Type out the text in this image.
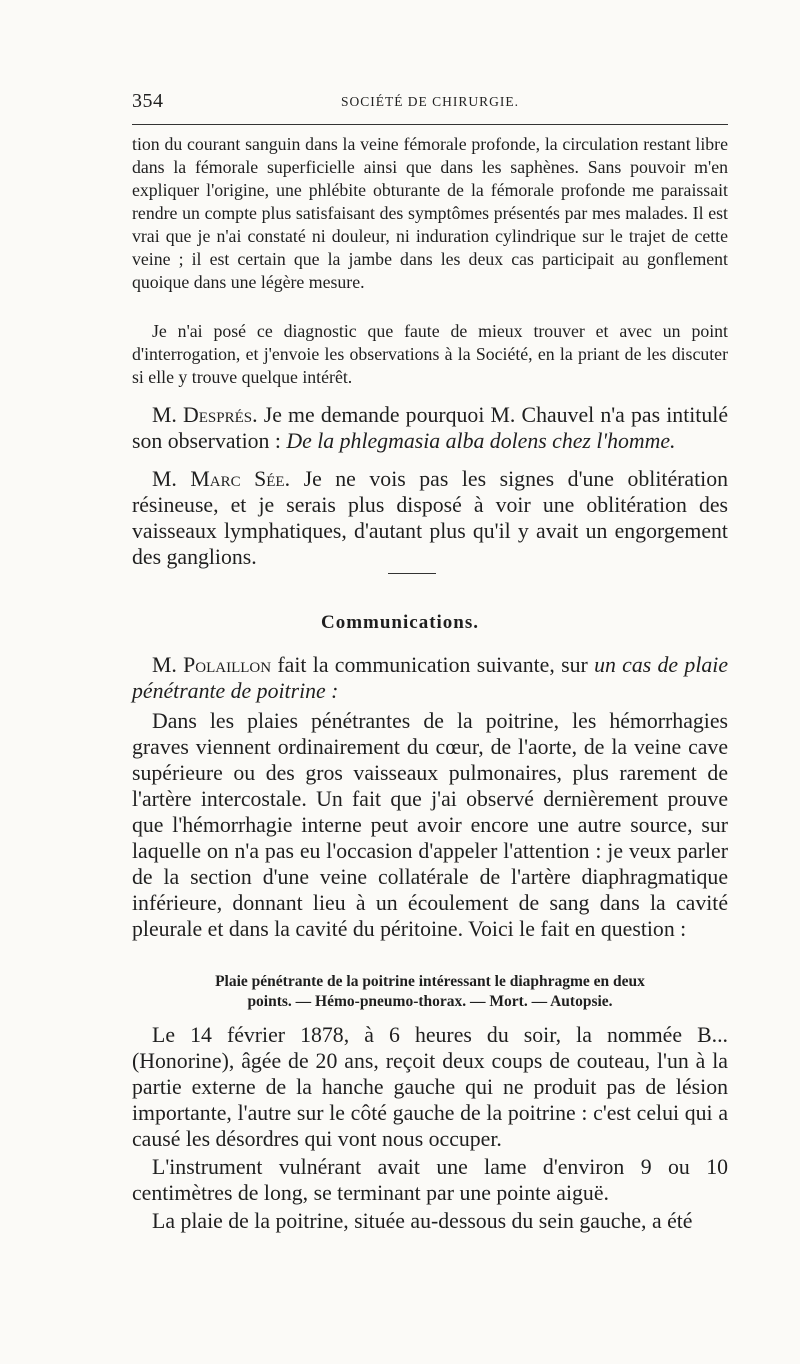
354	SOCIÉTÉ DE CHIRURGIE.

tion du courant sanguin dans la veine fémorale profonde, la circulation restant libre dans la fémorale superficielle ainsi que dans les saphènes. Sans pouvoir m'en expliquer l'origine, une phlébite obturante de la fémorale profonde me paraissait rendre un compte plus satisfaisant des symptômes présentés par mes malades. Il est vrai que je n'ai constaté ni douleur, ni induration cylindrique sur le trajet de cette veine ; il est certain que la jambe dans les deux cas participait au gonflement quoique dans une légère mesure.

Je n'ai posé ce diagnostic que faute de mieux trouver et avec un point d'interrogation, et j'envoie les observations à la Société, en la priant de les discuter si elle y trouve quelque intérêt.

M. Després. Je me demande pourquoi M. Chauvel n'a pas intitulé son observation : De la phlegmasia alba dolens chez l'homme.

M. Marc Sée. Je ne vois pas les signes d'une oblitération résineuse, et je serais plus disposé à voir une oblitération des vaisseaux lymphatiques, d'autant plus qu'il y avait un engorgement des ganglions.

Communications.

M. Polaillon fait la communication suivante, sur un cas de plaie pénétrante de poitrine :

Dans les plaies pénétrantes de la poitrine, les hémorrhagies graves viennent ordinairement du cœur, de l'aorte, de la veine cave supérieure ou des gros vaisseaux pulmonaires, plus rarement de l'artère intercostale. Un fait que j'ai observé dernièrement prouve que l'hémorrhagie interne peut avoir encore une autre source, sur laquelle on n'a pas eu l'occasion d'appeler l'attention : je veux parler de la section d'une veine collatérale de l'artère diaphragmatique inférieure, donnant lieu à un écoulement de sang dans la cavité pleurale et dans la cavité du péritoine. Voici le fait en question :

Plaie pénétrante de la poitrine intéressant le diaphragme en deux
points. — Hémo-pneumo-thorax. — Mort. — Autopsie.

Le 14 février 1878, à 6 heures du soir, la nommée B... (Honorine), âgée de 20 ans, reçoit deux coups de couteau, l'un à la partie externe de la hanche gauche qui ne produit pas de lésion importante, l'autre sur le côté gauche de la poitrine : c'est celui qui a causé les désordres qui vont nous occuper.

L'instrument vulnérant avait une lame d'environ 9 ou 10 centimètres de long, se terminant par une pointe aiguë.

La plaie de la poitrine, située au-dessous du sein gauche, a été
